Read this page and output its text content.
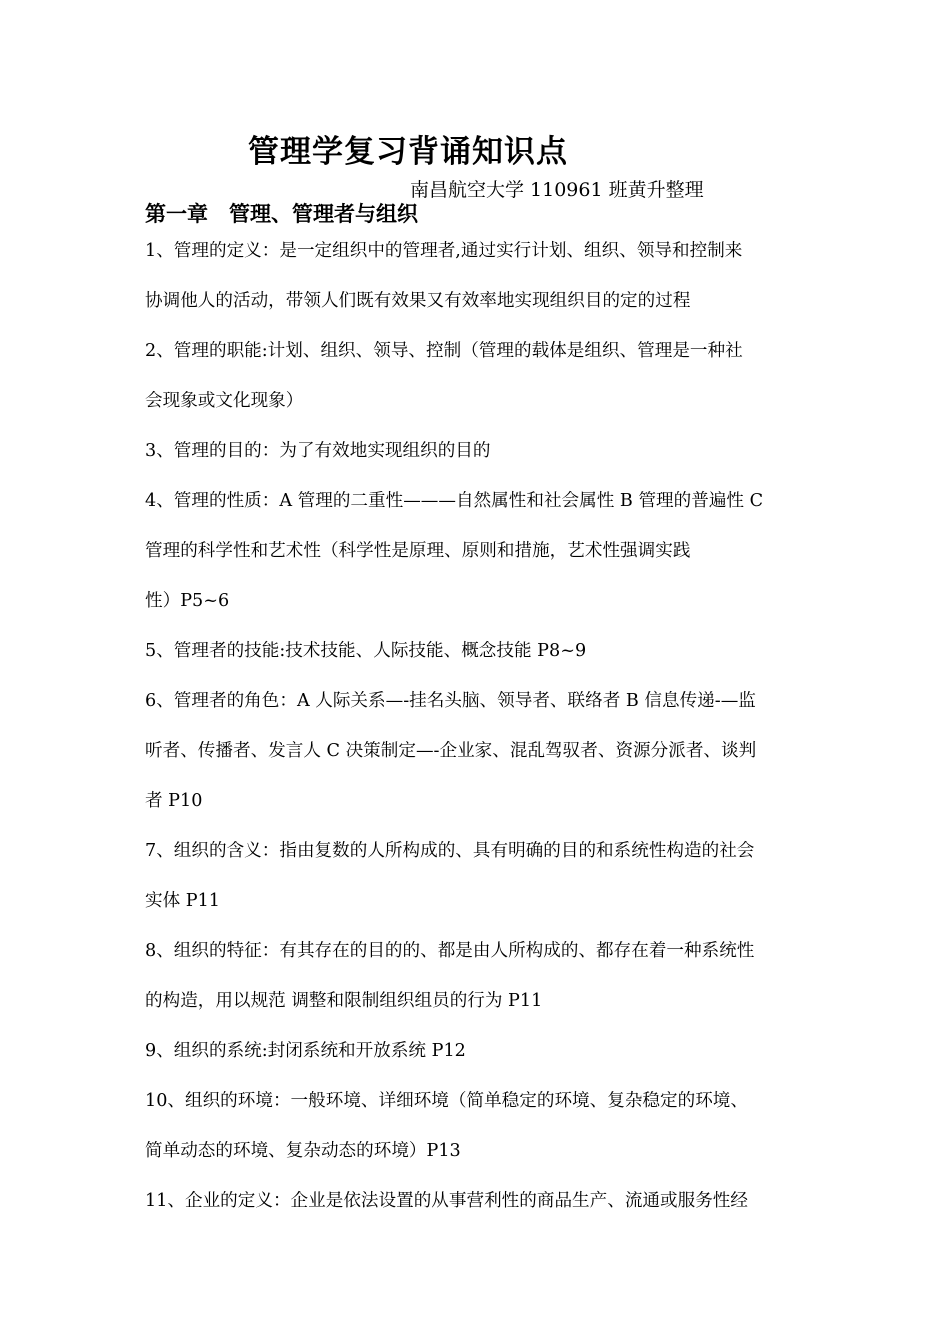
管理学复习背诵知识点
南昌航空大学 110961 班黄升整理
第一章　管理、管理者与组织
1、管理的定义：是一定组织中的管理者,通过实行计划、组织、领导和控制来
协调他人的活动，带领人们既有效果又有效率地实现组织目的定的过程
2、管理的职能:计划、组织、领导、控制（管理的载体是组织、管理是一种社
会现象或文化现象）
3、管理的目的：为了有效地实现组织的目的
4、管理的性质：A 管理的二重性———自然属性和社会属性 B 管理的普遍性 C
管理的科学性和艺术性（科学性是原理、原则和措施，艺术性强调实践
性）P5~6
5、管理者的技能:技术技能、人际技能、概念技能 P8~9
6、管理者的角色：A 人际关系—-挂名头脑、领导者、联络者 B 信息传递-—监
听者、传播者、发言人 C 决策制定—-企业家、混乱驾驭者、资源分派者、谈判
者 P10
7、组织的含义：指由复数的人所构成的、具有明确的目的和系统性构造的社会
实体 P11
8、组织的特征：有其存在的目的的、都是由人所构成的、都存在着一种系统性
的构造，用以规范 调整和限制组织组员的行为 P11
9、组织的系统:封闭系统和开放系统 P12
10、组织的环境：一般环境、详细环境（简单稳定的环境、复杂稳定的环境、
简单动态的环境、复杂动态的环境）P13
11、企业的定义：企业是依法设置的从事营利性的商品生产、流通或服务性经
